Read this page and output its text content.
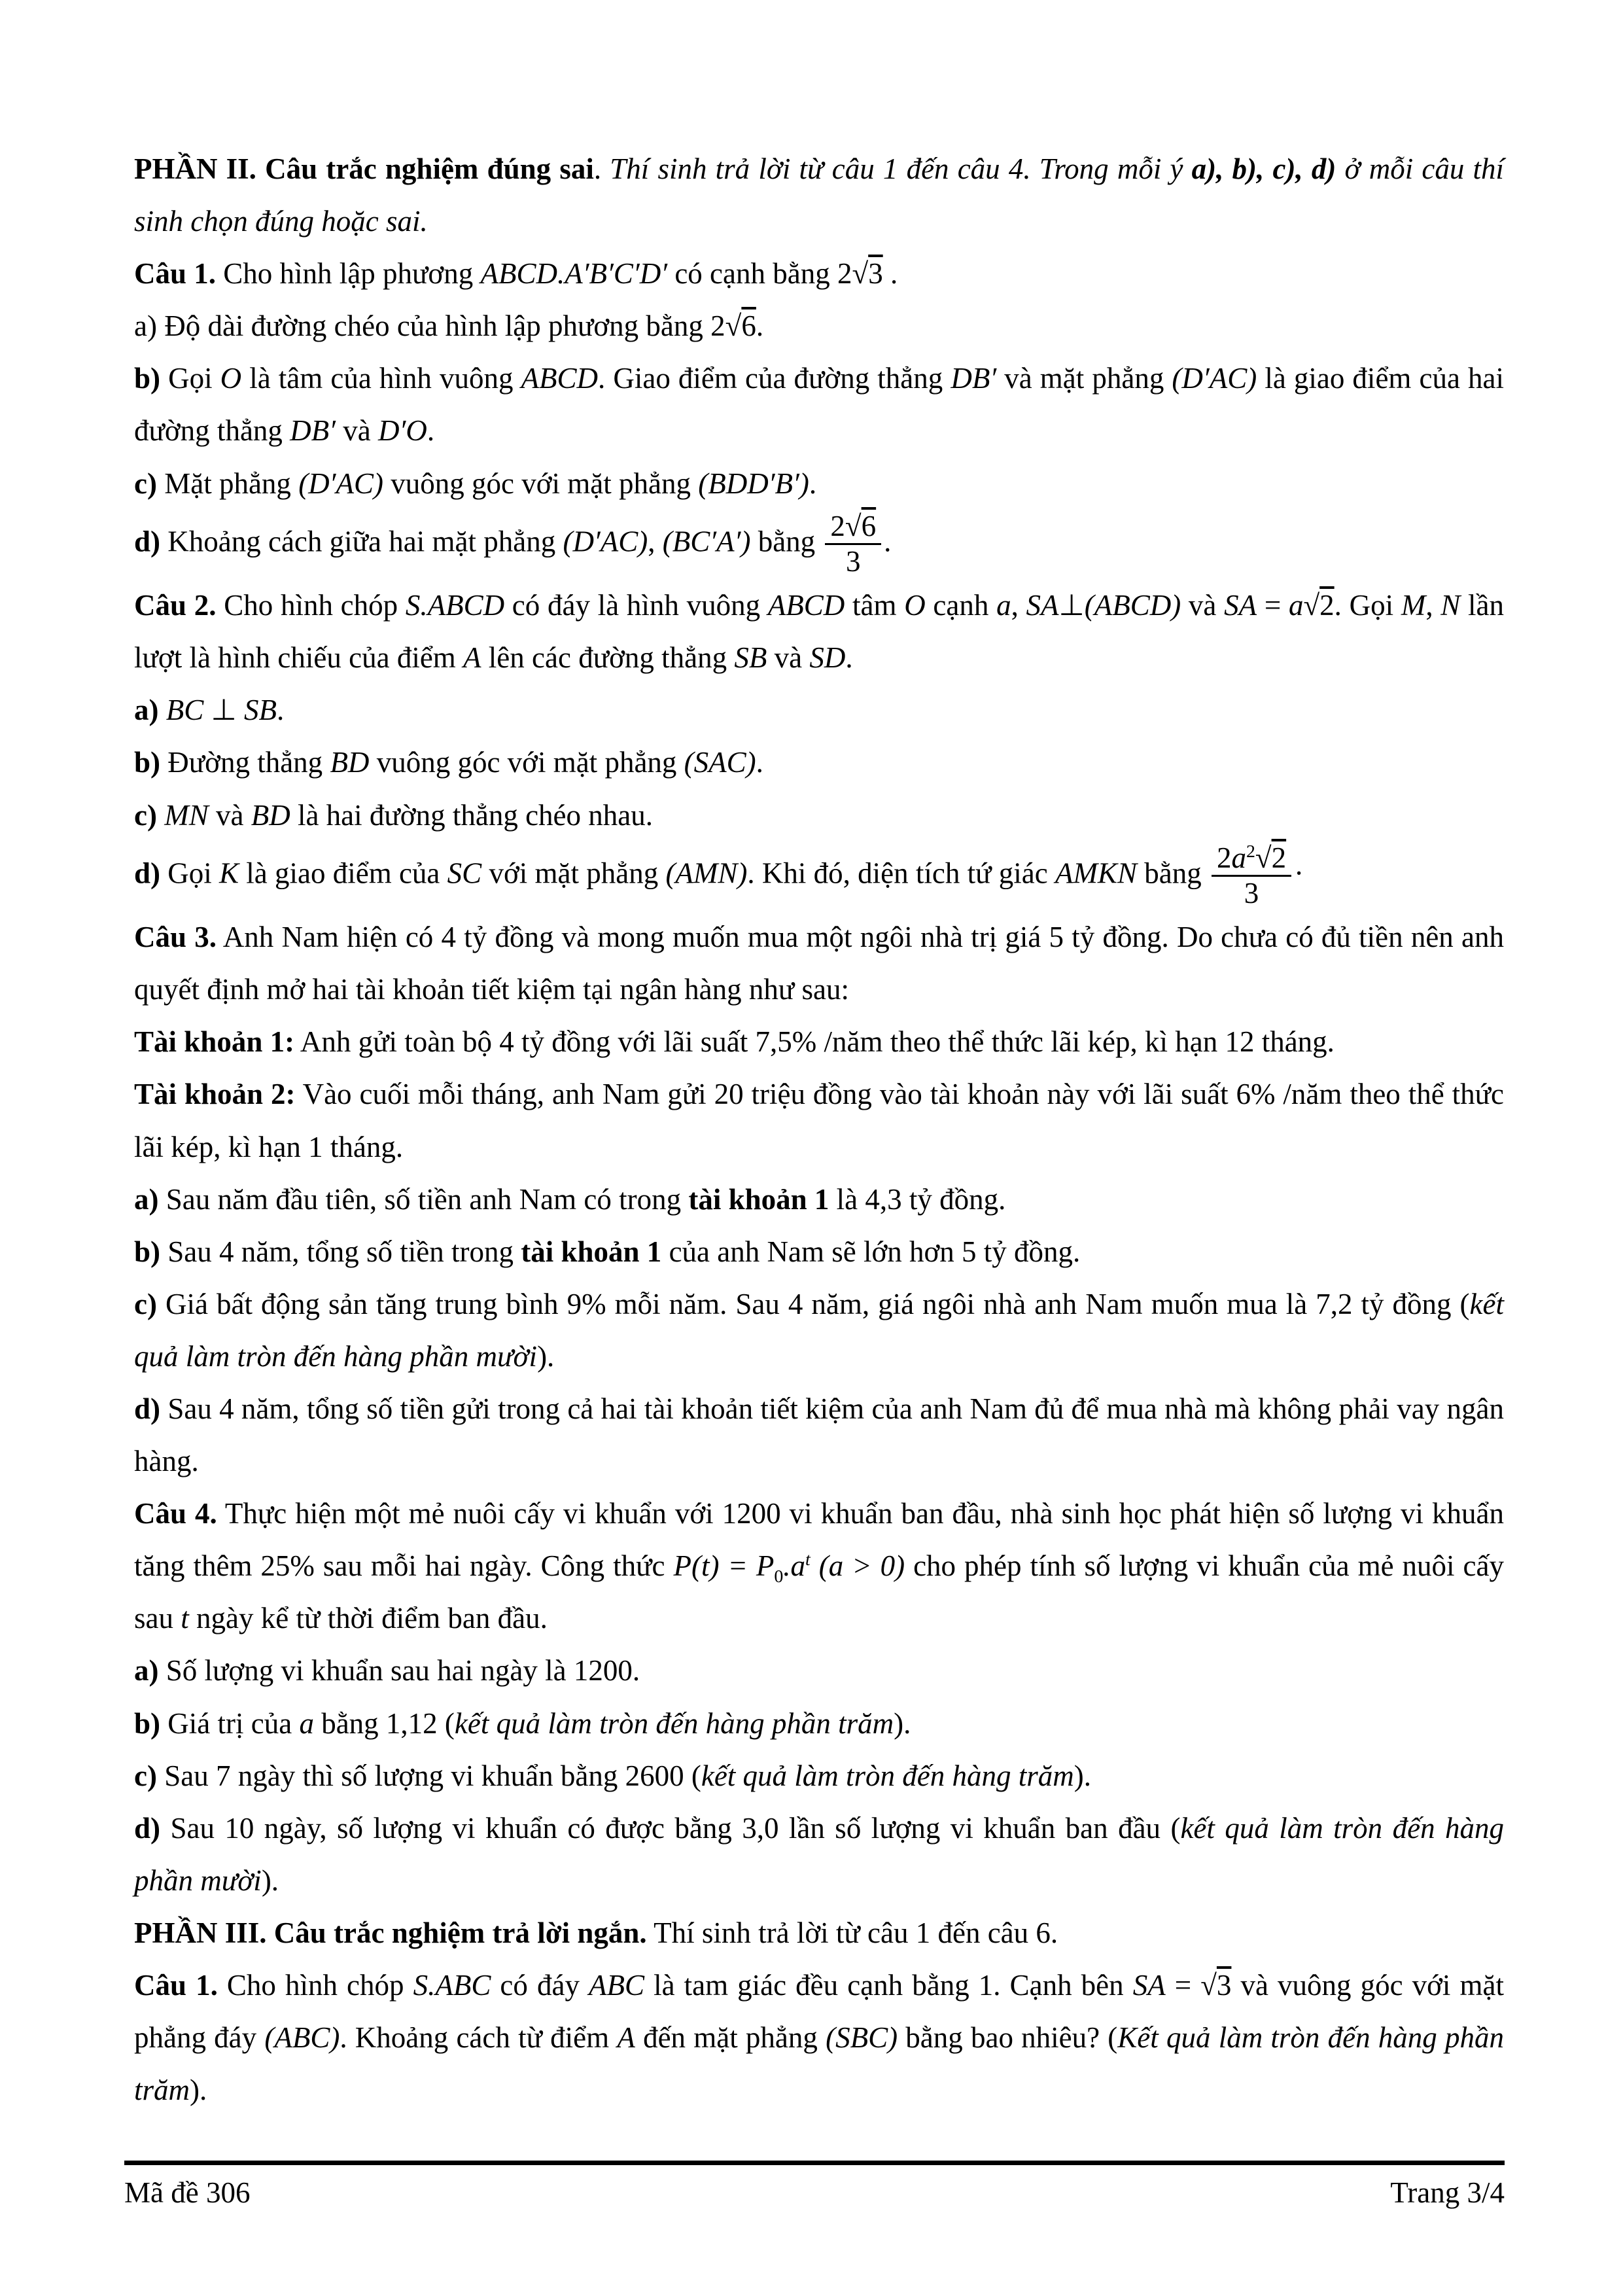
PHẦN II. Câu trắc nghiệm đúng sai. Thí sinh trả lời từ câu 1 đến câu 4. Trong mỗi ý a), b), c), d) ở mỗi câu thí sinh chọn đúng hoặc sai.

Câu 1. Cho hình lập phương ABCD.A′B′C′D′ có cạnh bằng 2√3 .

a) Độ dài đường chéo của hình lập phương bằng 2√6.

b) Gọi O là tâm của hình vuông ABCD. Giao điểm của đường thẳng DB′ và mặt phẳng (D′AC) là giao điểm của hai đường thẳng DB′ và D′O.

c) Mặt phẳng (D′AC) vuông góc với mặt phẳng (BDD′B′).

d) Khoảng cách giữa hai mặt phẳng (D′AC), (BC′A′) bằng $\frac{2√6}{3}$ .

Câu 2. Cho hình chóp S.ABCD có đáy là hình vuông ABCD tâm O cạnh a, SA⊥(ABCD) và SA = a√2. Gọi M, N lần lượt là hình chiếu của điểm A lên các đường thẳng SB và SD.

a) BC ⊥ SB.

b) Đường thẳng BD vuông góc với mặt phẳng (SAC).

c) MN và BD là hai đường thẳng chéo nhau.

d) Gọi K là giao điểm của SC với mặt phẳng (AMN). Khi đó, diện tích tứ giác AMKN bằng $\frac{2a^2√2}{3}$ ·

Câu 3. Anh Nam hiện có 4 tỷ đồng và mong muốn mua một ngôi nhà trị giá 5 tỷ đồng. Do chưa có đủ tiền nên anh quyết định mở hai tài khoản tiết kiệm tại ngân hàng như sau:

Tài khoản 1: Anh gửi toàn bộ 4 tỷ đồng với lãi suất 7,5% /năm theo thể thức lãi kép, kì hạn 12 tháng.

Tài khoản 2: Vào cuối mỗi tháng, anh Nam gửi 20 triệu đồng vào tài khoản này với lãi suất 6% /năm theo thể thức lãi kép, kì hạn 1 tháng.

a) Sau năm đầu tiên, số tiền anh Nam có trong tài khoản 1 là 4,3 tỷ đồng.

b) Sau 4 năm, tổng số tiền trong tài khoản 1 của anh Nam sẽ lớn hơn 5 tỷ đồng.

c) Giá bất động sản tăng trung bình 9% mỗi năm. Sau 4 năm, giá ngôi nhà anh Nam muốn mua là 7,2 tỷ đồng (kết quả làm tròn đến hàng phần mười).

d) Sau 4 năm, tổng số tiền gửi trong cả hai tài khoản tiết kiệm của anh Nam đủ để mua nhà mà không phải vay ngân hàng.

Câu 4. Thực hiện một mẻ nuôi cấy vi khuẩn với 1200 vi khuẩn ban đầu, nhà sinh học phát hiện số lượng vi khuẩn tăng thêm 25% sau mỗi hai ngày. Công thức $P(t) = P_0.a^t$ (a > 0) cho phép tính số lượng vi khuẩn của mẻ nuôi cấy sau t ngày kể từ thời điểm ban đầu.

a) Số lượng vi khuẩn sau hai ngày là 1200.

b) Giá trị của a bằng 1,12 (kết quả làm tròn đến hàng phần trăm).

c) Sau 7 ngày thì số lượng vi khuẩn bằng 2600 (kết quả làm tròn đến hàng trăm).

d) Sau 10 ngày, số lượng vi khuẩn có được bằng 3,0 lần số lượng vi khuẩn ban đầu (kết quả làm tròn đến hàng phần mười).

PHẦN III. Câu trắc nghiệm trả lời ngắn. Thí sinh trả lời từ câu 1 đến câu 6.

Câu 1. Cho hình chóp S.ABC có đáy ABC là tam giác đều cạnh bằng 1. Cạnh bên SA = √3 và vuông góc với mặt phẳng đáy (ABC). Khoảng cách từ điểm A đến mặt phẳng (SBC) bằng bao nhiêu? (Kết quả làm tròn đến hàng phần trăm).

Mã đề 306	Trang 3/4
